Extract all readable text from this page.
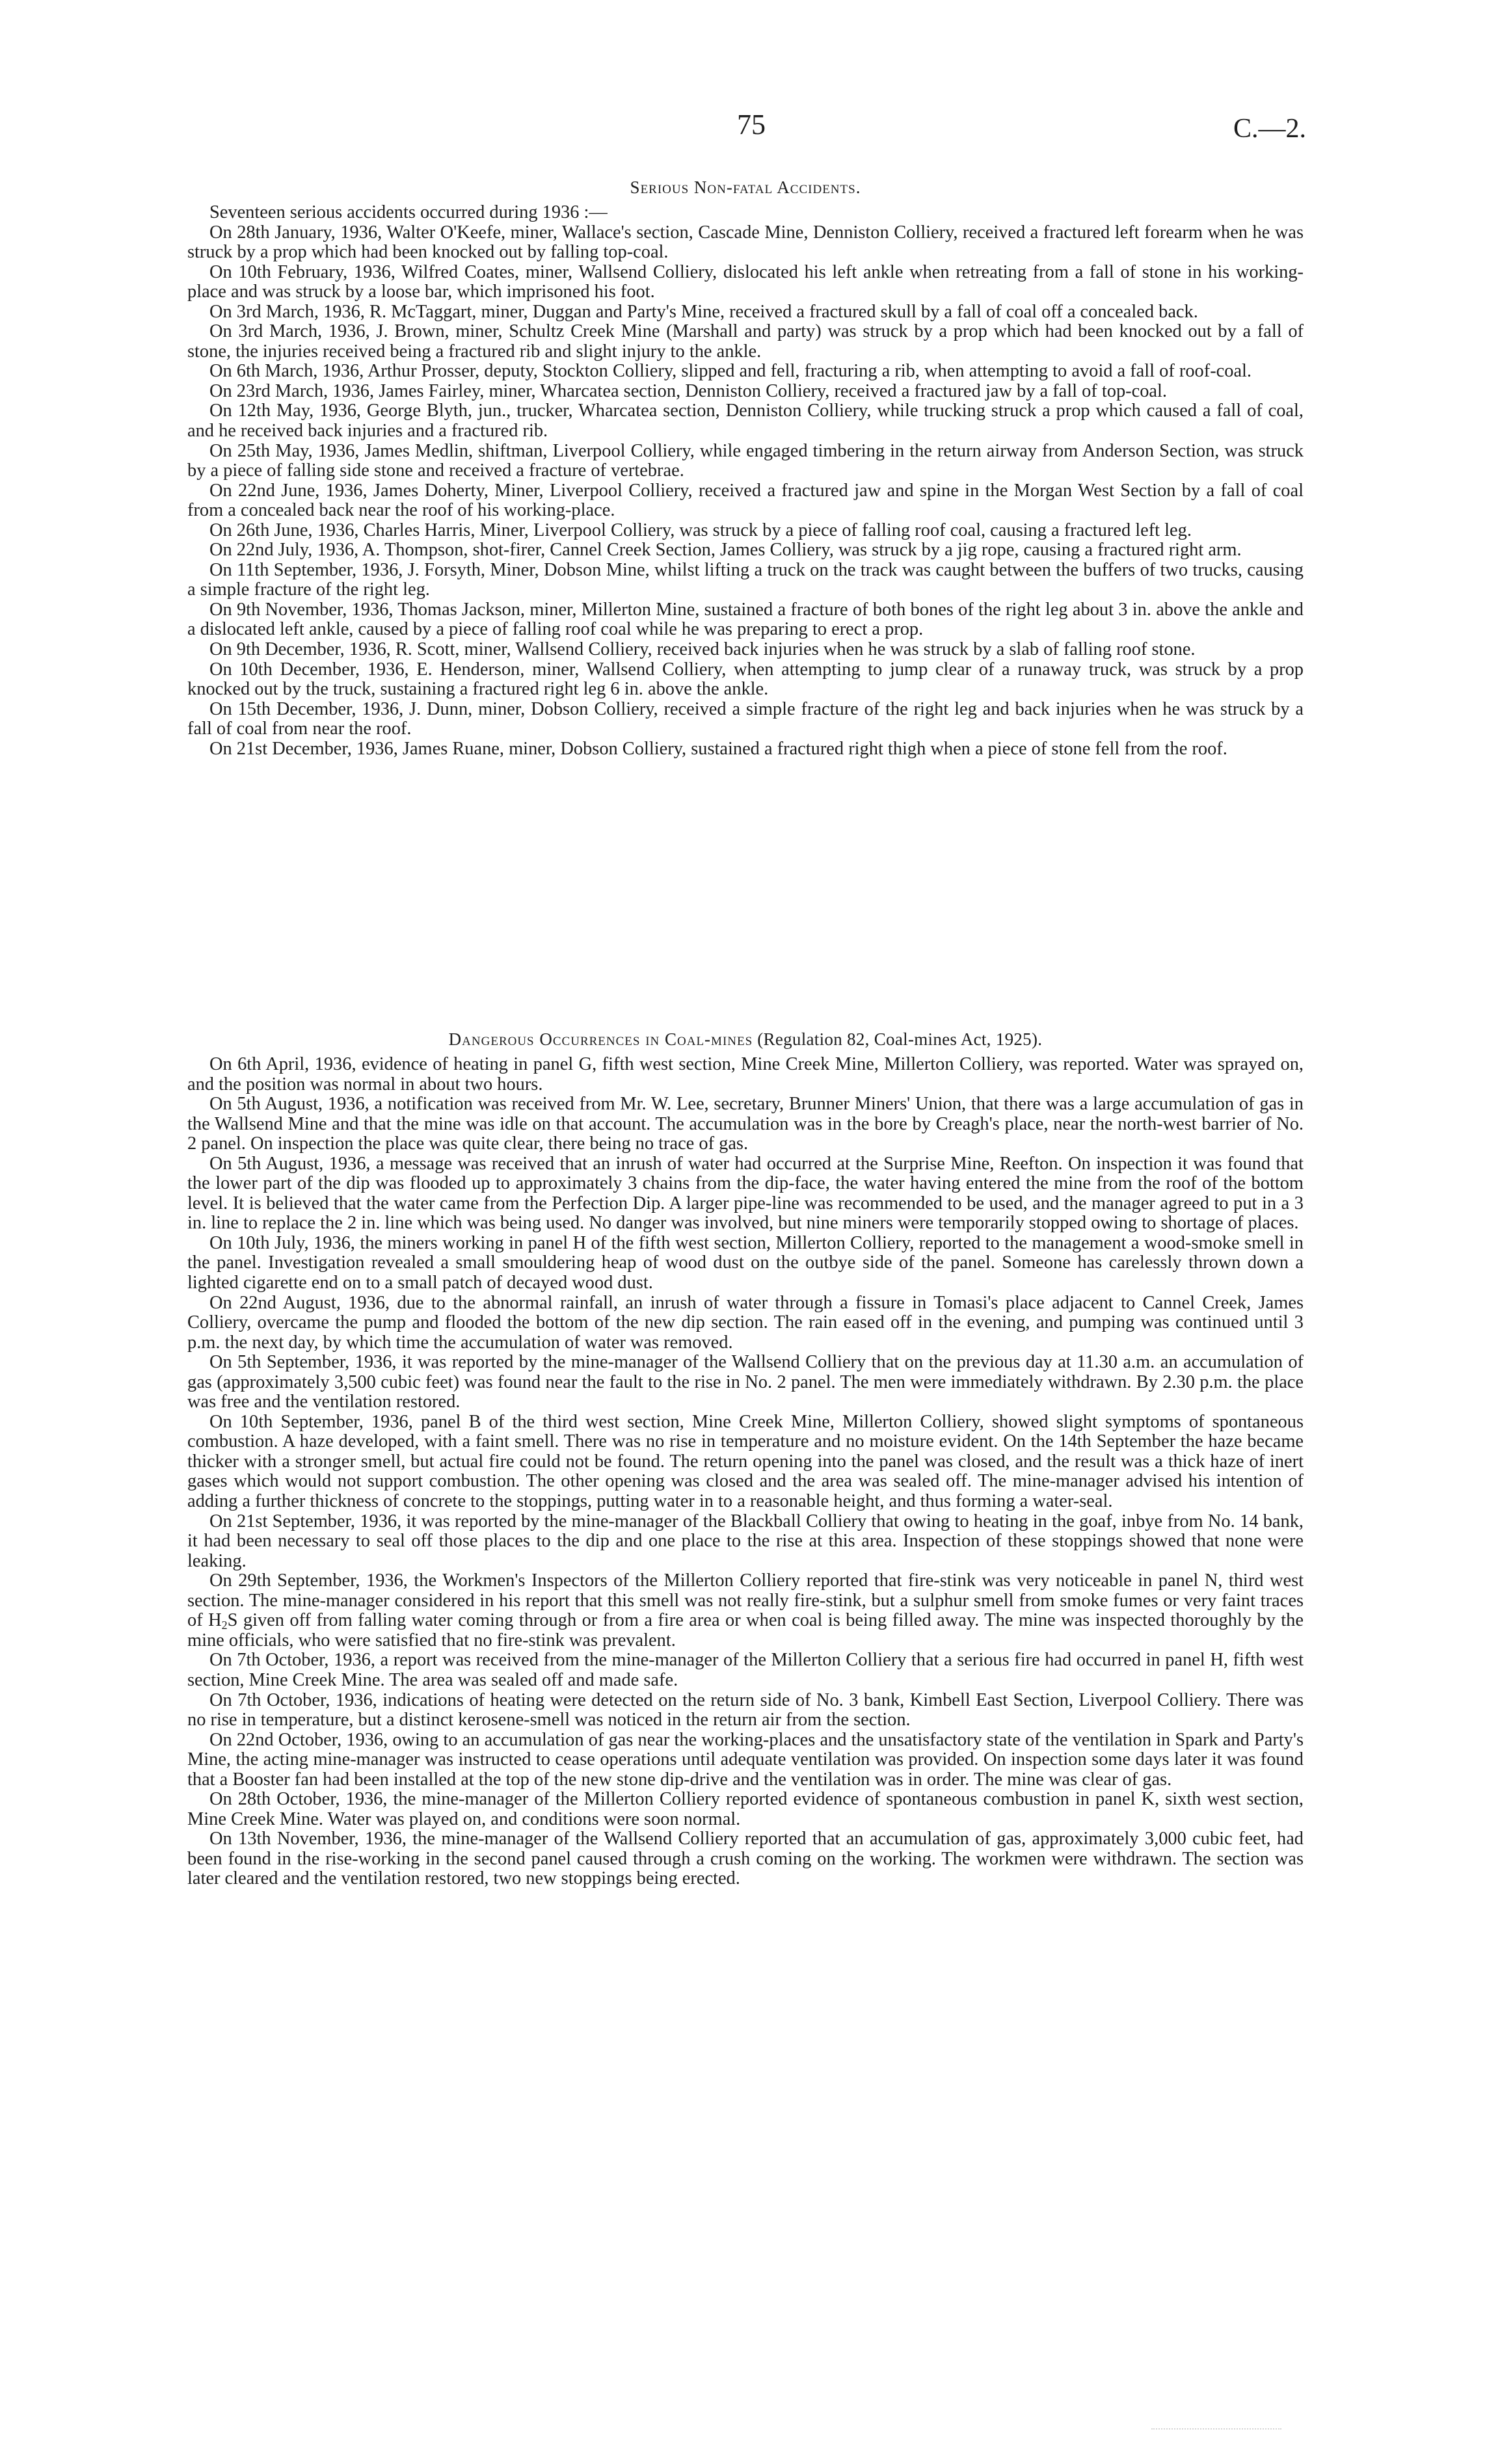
75	C.—2.
Serious Non-fatal Accidents.

Seventeen serious accidents occurred during 1936 :—

On 28th January, 1936, Walter O'Keefe, miner, Wallace's section, Cascade Mine, Denniston Colliery, received a fractured left forearm when he was struck by a prop which had been knocked out by falling top-coal.

On 10th February, 1936, Wilfred Coates, miner, Wallsend Colliery, dislocated his left ankle when retreating from a fall of stone in his working-place and was struck by a loose bar, which imprisoned his foot.

On 3rd March, 1936, R. McTaggart, miner, Duggan and Party's Mine, received a fractured skull by a fall of coal off a concealed back.

On 3rd March, 1936, J. Brown, miner, Schultz Creek Mine (Marshall and party) was struck by a prop which had been knocked out by a fall of stone, the injuries received being a fractured rib and slight injury to the ankle.

On 6th March, 1936, Arthur Prosser, deputy, Stockton Colliery, slipped and fell, fracturing a rib, when attempting to avoid a fall of roof-coal.

On 23rd March, 1936, James Fairley, miner, Wharcatea section, Denniston Colliery, received a fractured jaw by a fall of top-coal.

On 12th May, 1936, George Blyth, jun., trucker, Wharcatea section, Denniston Colliery, while trucking struck a prop which caused a fall of coal, and he received back injuries and a fractured rib.

On 25th May, 1936, James Medlin, shiftman, Liverpool Colliery, while engaged timbering in the return airway from Anderson Section, was struck by a piece of falling side stone and received a fracture of vertebrae.

On 22nd June, 1936, James Doherty, Miner, Liverpool Colliery, received a fractured jaw and spine in the Morgan West Section by a fall of coal from a concealed back near the roof of his working-place.

On 26th June, 1936, Charles Harris, Miner, Liverpool Colliery, was struck by a piece of falling roof coal, causing a fractured left leg.

On 22nd July, 1936, A. Thompson, shot-firer, Cannel Creek Section, James Colliery, was struck by a jig rope, causing a fractured right arm.

On 11th September, 1936, J. Forsyth, Miner, Dobson Mine, whilst lifting a truck on the track was caught between the buffers of two trucks, causing a simple fracture of the right leg.

On 9th November, 1936, Thomas Jackson, miner, Millerton Mine, sustained a fracture of both bones of the right leg about 3 in. above the ankle and a dislocated left ankle, caused by a piece of falling roof coal while he was preparing to erect a prop.

On 9th December, 1936, R. Scott, miner, Wallsend Colliery, received back injuries when he was struck by a slab of falling roof stone.

On 10th December, 1936, E. Henderson, miner, Wallsend Colliery, when attempting to jump clear of a runaway truck, was struck by a prop knocked out by the truck, sustaining a fractured right leg 6 in. above the ankle.

On 15th December, 1936, J. Dunn, miner, Dobson Colliery, received a simple fracture of the right leg and back injuries when he was struck by a fall of coal from near the roof.

On 21st December, 1936, James Ruane, miner, Dobson Colliery, sustained a fractured right thigh when a piece of stone fell from the roof.

Dangerous Occurrences in Coal-mines (Regulation 82, Coal-mines Act, 1925).

On 6th April, 1936, evidence of heating in panel G, fifth west section, Mine Creek Mine, Millerton Colliery, was reported. Water was sprayed on, and the position was normal in about two hours.

On 5th August, 1936, a notification was received from Mr. W. Lee, secretary, Brunner Miners' Union, that there was a large accumulation of gas in the Wallsend Mine and that the mine was idle on that account. The accumulation was in the bore by Creagh's place, near the north-west barrier of No. 2 panel. On inspection the place was quite clear, there being no trace of gas.

On 5th August, 1936, a message was received that an inrush of water had occurred at the Surprise Mine, Reefton. On inspection it was found that the lower part of the dip was flooded up to approximately 3 chains from the dip-face, the water having entered the mine from the roof of the bottom level. It is believed that the water came from the Perfection Dip. A larger pipe-line was recommended to be used, and the manager agreed to put in a 3 in. line to replace the 2 in. line which was being used. No danger was involved, but nine miners were temporarily stopped owing to shortage of places.

On 10th July, 1936, the miners working in panel H of the fifth west section, Millerton Colliery, reported to the management a wood-smoke smell in the panel. Investigation revealed a small smouldering heap of wood dust on the outbye side of the panel. Someone has carelessly thrown down a lighted cigarette end on to a small patch of decayed wood dust.

On 22nd August, 1936, due to the abnormal rainfall, an inrush of water through a fissure in Tomasi's place adjacent to Cannel Creek, James Colliery, overcame the pump and flooded the bottom of the new dip section. The rain eased off in the evening, and pumping was continued until 3 p.m. the next day, by which time the accumulation of water was removed.

On 5th September, 1936, it was reported by the mine-manager of the Wallsend Colliery that on the previous day at 11.30 a.m. an accumulation of gas (approximately 3,500 cubic feet) was found near the fault to the rise in No. 2 panel. The men were immediately withdrawn. By 2.30 p.m. the place was free and the ventilation restored.

On 10th September, 1936, panel B of the third west section, Mine Creek Mine, Millerton Colliery, showed slight symptoms of spontaneous combustion. A haze developed, with a faint smell. There was no rise in temperature and no moisture evident. On the 14th September the haze became thicker with a stronger smell, but actual fire could not be found. The return opening into the panel was closed, and the result was a thick haze of inert gases which would not support combustion. The other opening was closed and the area was sealed off. The mine-manager advised his intention of adding a further thickness of concrete to the stoppings, putting water in to a reasonable height, and thus forming a water-seal.

On 21st September, 1936, it was reported by the mine-manager of the Blackball Colliery that owing to heating in the goaf, inbye from No. 14 bank, it had been necessary to seal off those places to the dip and one place to the rise at this area. Inspection of these stoppings showed that none were leaking.

On 29th September, 1936, the Workmen's Inspectors of the Millerton Colliery reported that fire-stink was very noticeable in panel N, third west section. The mine-manager considered in his report that this smell was not really fire-stink, but a sulphur smell from smoke fumes or very faint traces of $H_2S$ given off from falling water coming through or from a fire area or when coal is being filled away. The mine was inspected thoroughly by the mine officials, who were satisfied that no fire-stink was prevalent.

On 7th October, 1936, a report was received from the mine-manager of the Millerton Colliery that a serious fire had occurred in panel H, fifth west section, Mine Creek Mine. The area was sealed off and made safe.

On 7th October, 1936, indications of heating were detected on the return side of No. 3 bank, Kimbell East Section, Liverpool Colliery. There was no rise in temperature, but a distinct kerosene-smell was noticed in the return air from the section.

On 22nd October, 1936, owing to an accumulation of gas near the working-places and the unsatisfactory state of the ventilation in Spark and Party's Mine, the acting mine-manager was instructed to cease operations until adequate ventilation was provided. On inspection some days later it was found that a Booster fan had been installed at the top of the new stone dip-drive and the ventilation was in order. The mine was clear of gas.

On 28th October, 1936, the mine-manager of the Millerton Colliery reported evidence of spontaneous combustion in panel K, sixth west section, Mine Creek Mine. Water was played on, and conditions were soon normal.

On 13th November, 1936, the mine-manager of the Wallsend Colliery reported that an accumulation of gas, approximately 3,000 cubic feet, had been found in the rise-working in the second panel caused through a crush coming on the working. The workmen were withdrawn. The section was later cleared and the ventilation restored, two new stoppings being erected.
